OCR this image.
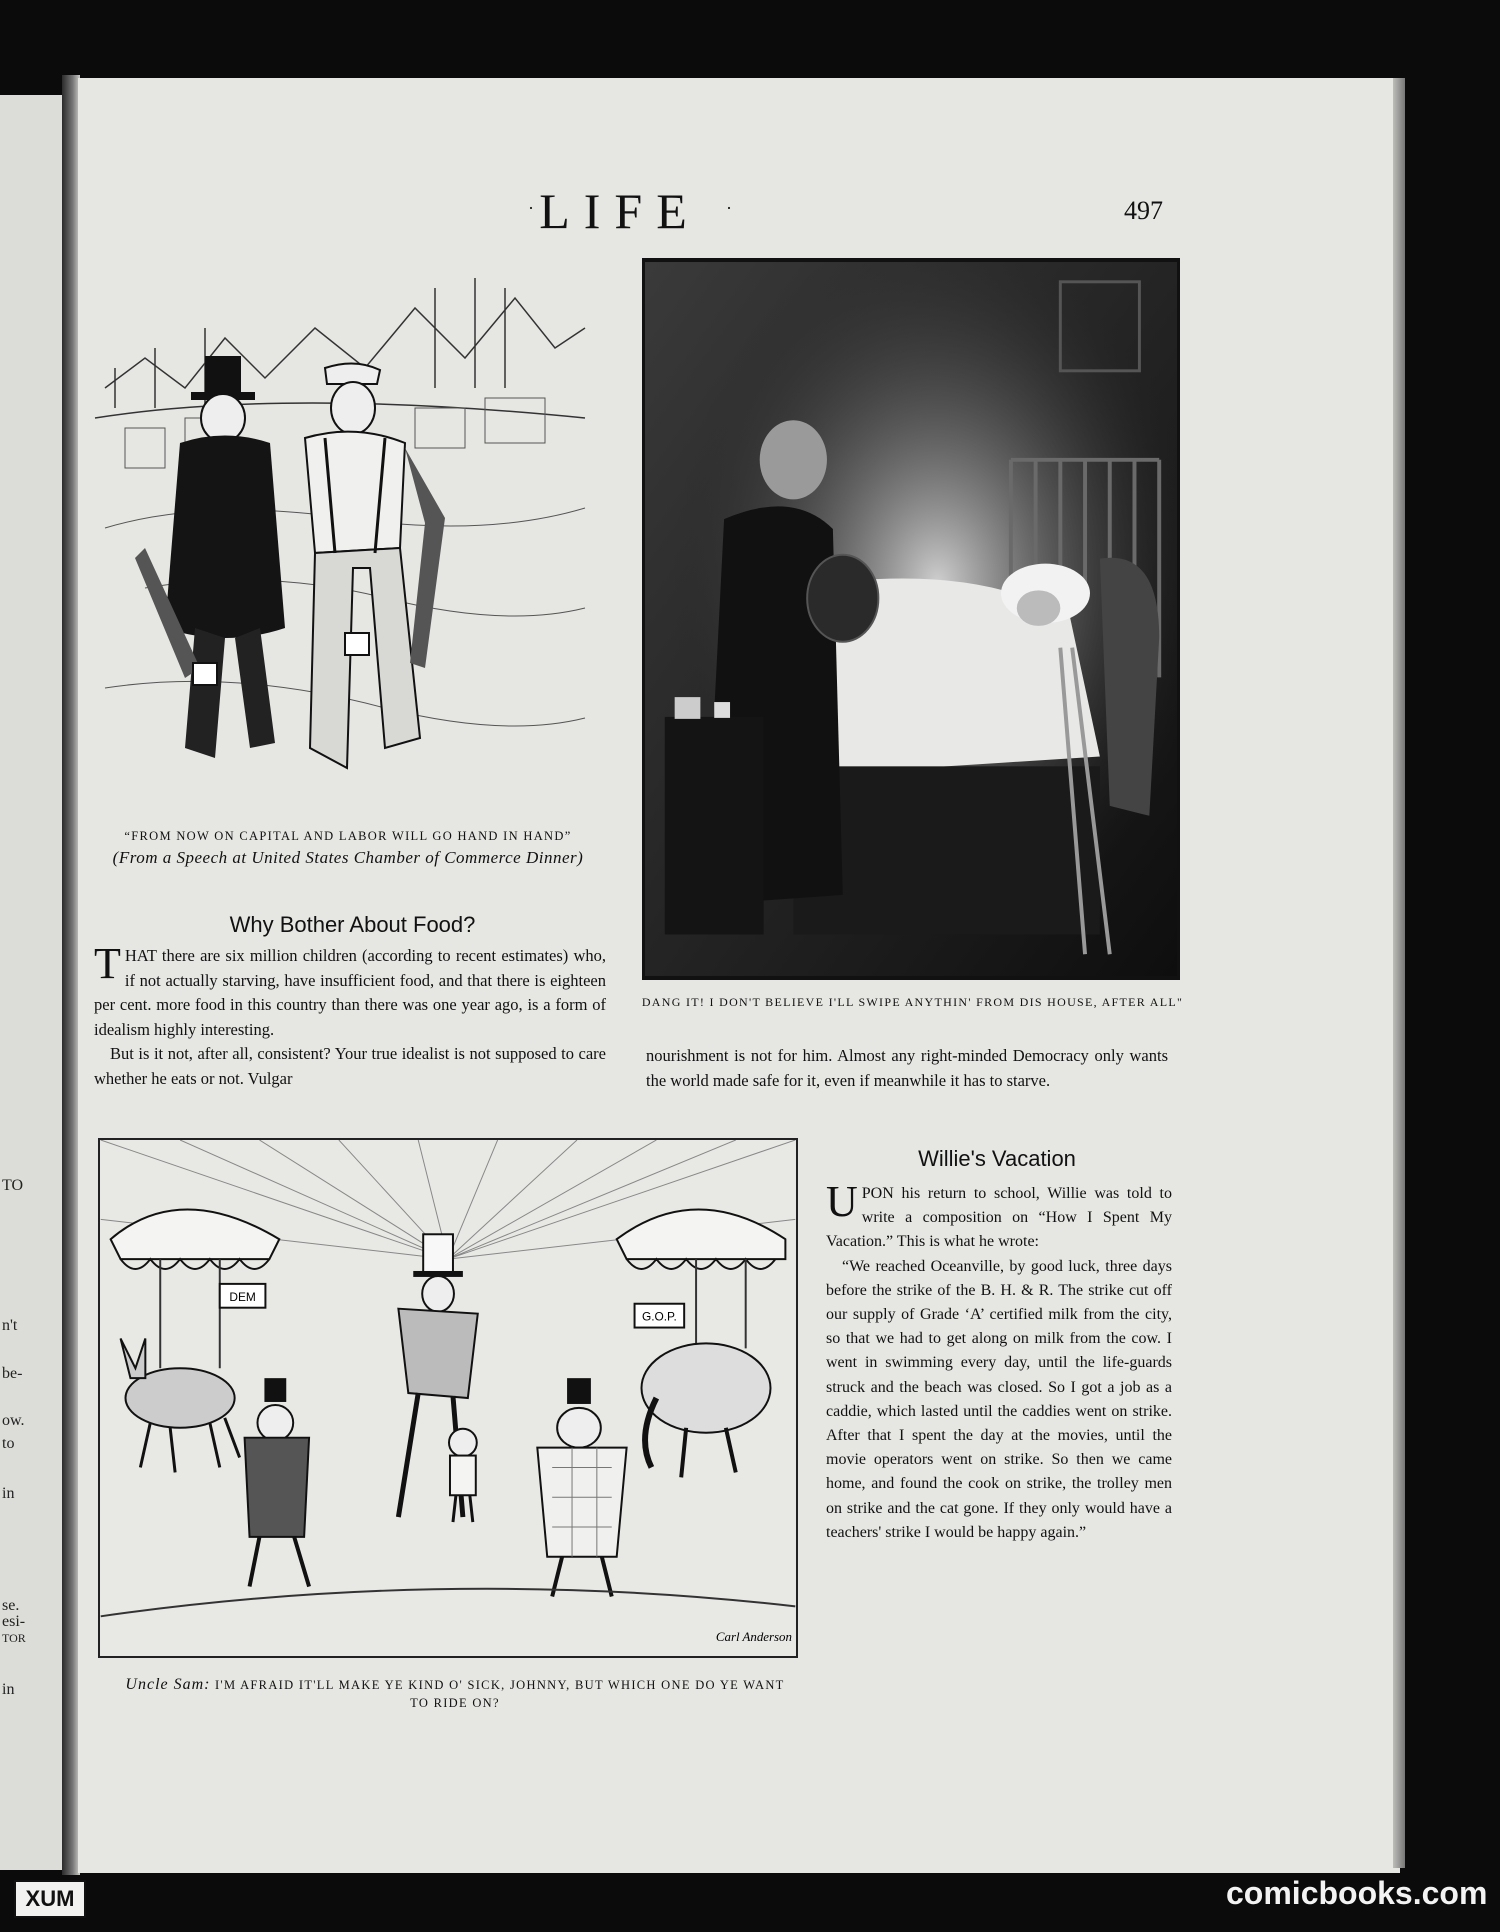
TO
n't
be-
ow.
to
in
se.
esi-
TOR
in
· LIFE	·	497
“FROM NOW ON CAPITAL AND LABOR WILL GO HAND IN HAND”
(From a Speech at United States Chamber of Commerce Dinner)
DANG IT! I DON'T BELIEVE I'LL SWIPE ANYTHIN' FROM DIS HOUSE, AFTER ALL"
Why Bother About Food?

THAT there are six million children (according to recent estimates) who, if not actually starving, have insufficient food, and that there is eighteen per cent. more food in this country than there was one year ago, is a form of idealism highly interesting.

But is it not, after all, consistent? Your true idealist is not supposed to care whether he eats or not. Vulgar

nourishment is not for him. Almost any right-minded Democracy only wants the world made safe for it, even if meanwhile it has to starve.
DEM
G.O.P.
Carl Anderson
Uncle Sam: I'M AFRAID IT'LL MAKE YE KIND O' SICK, JOHNNY, BUT WHICH ONE DO YE WANT TO RIDE ON?
Willie's Vacation

UPON his return to school, Willie was told to write a composition on “How I Spent My Vacation.” This is what he wrote:

“We reached Oceanville, by good luck, three days before the strike of the B. H. & R. The strike cut off our supply of Grade ‘A’ certified milk from the city, so that we had to get along on milk from the cow. I went in swimming every day, until the life-guards struck and the beach was closed. So I got a job as a caddie, which lasted until the caddies went on strike. After that I spent the day at the movies, until the movie operators went on strike. So then we came home, and found the cook on strike, the trolley men on strike and the cat gone. If they only would have a teachers' strike I would be happy again.”

XUM	comicbooks.com
